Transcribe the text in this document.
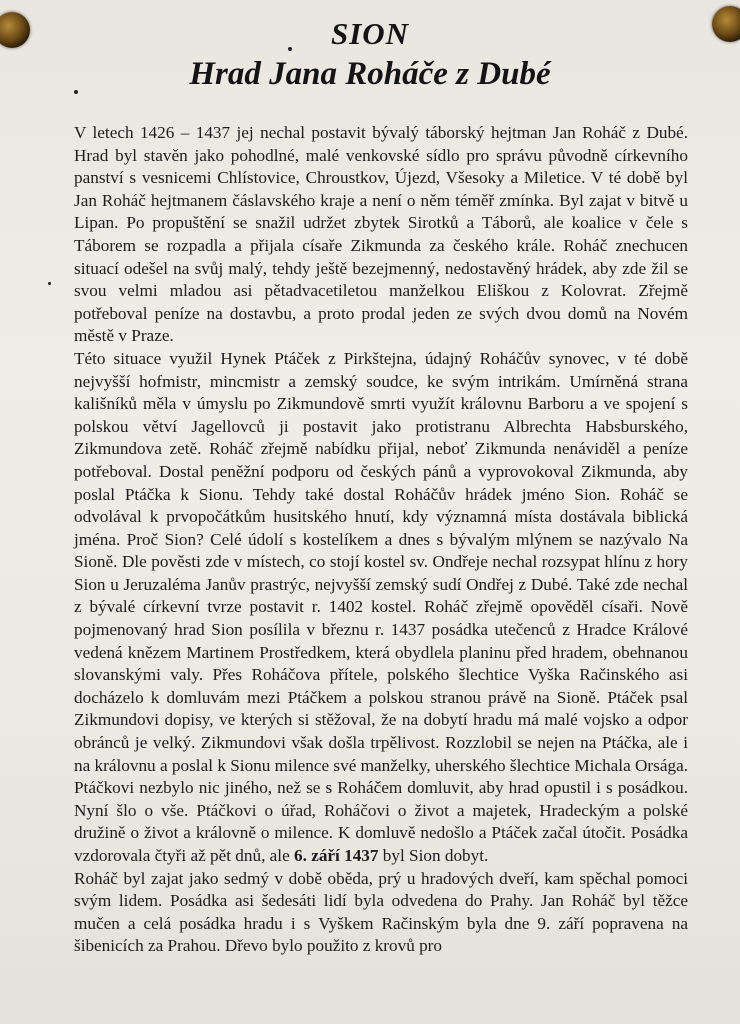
SION
Hrad Jana Roháče z Dubé

V letech 1426 – 1437 jej nechal postavit bývalý táborský hejtman Jan Roháč z Dubé. Hrad byl stavěn jako pohodlné, malé venkovské sídlo pro správu původně církevního panství s vesnicemi Chlístovice, Chroustkov, Újezd, Všesoky a Miletice. V té době byl Jan Roháč hejtmanem čáslavského kraje a není o něm téměř zmínka. Byl zajat v bitvě u Lipan. Po propuštění se snažil udržet zbytek Sirotků a Táborů, ale koalice v čele s Táborem se rozpadla a přijala císaře Zikmunda za českého krále. Roháč znechucen situací odešel na svůj malý, tehdy ještě bezejmenný, nedostavěný hrádek, aby zde žil se svou velmi mladou asi pětadvacetiletou manželkou Eliškou z Kolovrat. Zřejmě potřeboval peníze na dostavbu, a proto prodal jeden ze svých dvou domů na Novém městě v Praze.

Této situace využil Hynek Ptáček z Pirkštejna, údajný Roháčův synovec, v té době nejvyšší hofmistr, mincmistr a zemský soudce, ke svým intrikám. Umírněná strana kališníků měla v úmyslu po Zikmundově smrti využít královnu Barboru a ve spojení s polskou větví Jagellovců ji postavit jako protistranu Albrechta Habsburského, Zikmundova zetě. Roháč zřejmě nabídku přijal, neboť Zikmunda nenáviděl a peníze potřeboval. Dostal peněžní podporu od českých pánů a vyprovokoval Zikmunda, aby poslal Ptáčka k Sionu. Tehdy také dostal Roháčův hrádek jméno Sion. Roháč se odvolával k prvopočátkům husitského hnutí, kdy významná místa dostávala biblická jména. Proč Sion? Celé údolí s kostelíkem a dnes s bývalým mlýnem se nazývalo Na Sioně. Dle pověsti zde v místech, co stojí kostel sv. Ondřeje nechal rozsypat hlínu z hory Sion u Jeruzaléma Janův prastrýc, nejvyšší zemský sudí Ondřej z Dubé. Také zde nechal z bývalé církevní tvrze postavit r. 1402 kostel. Roháč zřejmě opověděl císaři. Nově pojmenovaný hrad Sion posílila v březnu r. 1437 posádka utečenců z Hradce Králové vedená knězem Martinem Prostředkem, která obydlela planinu před hradem, obehnanou slovanskými valy. Přes Roháčova přítele, polského šlechtice Vyška Račinského asi docházelo k domluvám mezi Ptáčkem a polskou stranou právě na Sioně. Ptáček psal Zikmundovi dopisy, ve kterých si stěžoval, že na dobytí hradu má malé vojsko a odpor obránců je velký. Zikmundovi však došla trpělivost. Rozzlobil se nejen na Ptáčka, ale i na královnu a poslal k Sionu milence své manželky, uherského šlechtice Michala Orsága. Ptáčkovi nezbylo nic jiného, než se s Roháčem domluvit, aby hrad opustil i s posádkou. Nyní šlo o vše. Ptáčkovi o úřad, Roháčovi o život a majetek, Hradeckým a polské družině o život a královně o milence. K domluvě nedošlo a Ptáček začal útočit. Posádka vzdorovala čtyři až pět dnů, ale 6. září 1437 byl Sion dobyt.

Roháč byl zajat jako sedmý v době oběda, prý u hradových dveří, kam spěchal pomoci svým lidem. Posádka asi šedesáti lidí byla odvedena do Prahy. Jan Roháč byl těžce mučen a celá posádka hradu i s Vyškem Račinským byla dne 9. září popravena na šibenicích za Prahou. Dřevo bylo použito z krovů pro
